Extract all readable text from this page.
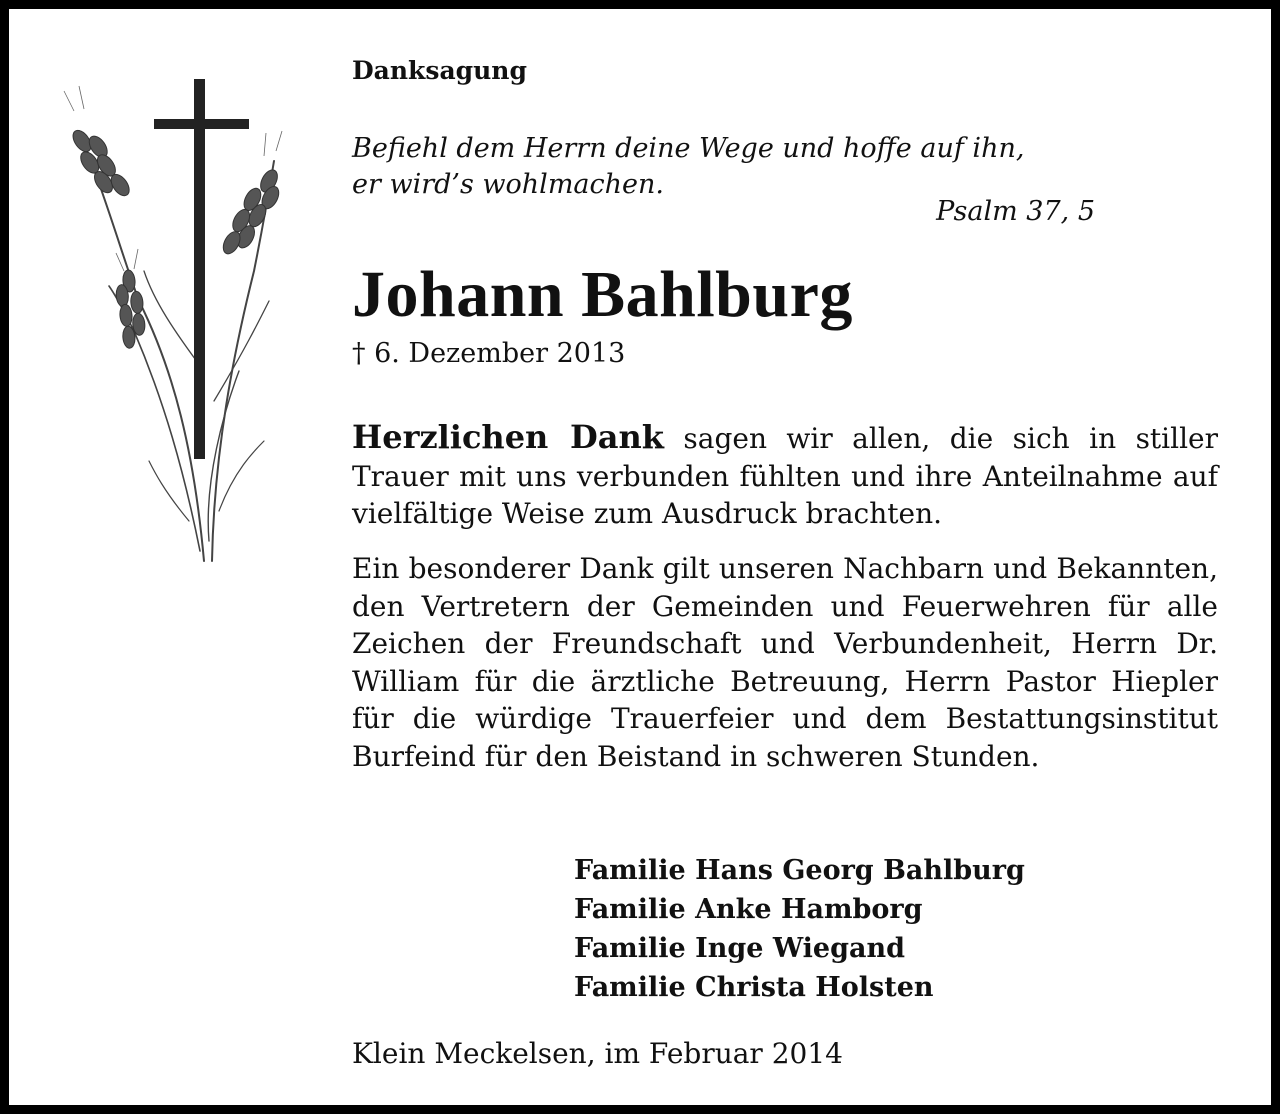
Danksagung
Befiehl dem Herrn deine Wege und hoffe auf ihn,
er wird’s wohlmachen.
Psalm 37, 5
Johann Bahlburg
† 6. Dezember 2013
Herzlichen Dank sagen wir allen, die sich in stiller Trauer mit uns verbunden fühlten und ihre Anteilnahme auf vielfältige Weise zum Ausdruck brachten.
Ein besonderer Dank gilt unseren Nachbarn und Bekannten, den Vertretern der Gemeinden und Feuerwehren für alle Zeichen der Freundschaft und Verbundenheit, Herrn Dr. William für die ärztliche Betreuung, Herrn Pastor Hiepler für die würdige Trauerfeier und dem Bestattungsinstitut Burfeind für den Beistand in schweren Stunden.
Familie Hans Georg Bahlburg
Familie Anke Hamborg
Familie Inge Wiegand
Familie Christa Holsten
Klein Meckelsen, im Februar 2014
